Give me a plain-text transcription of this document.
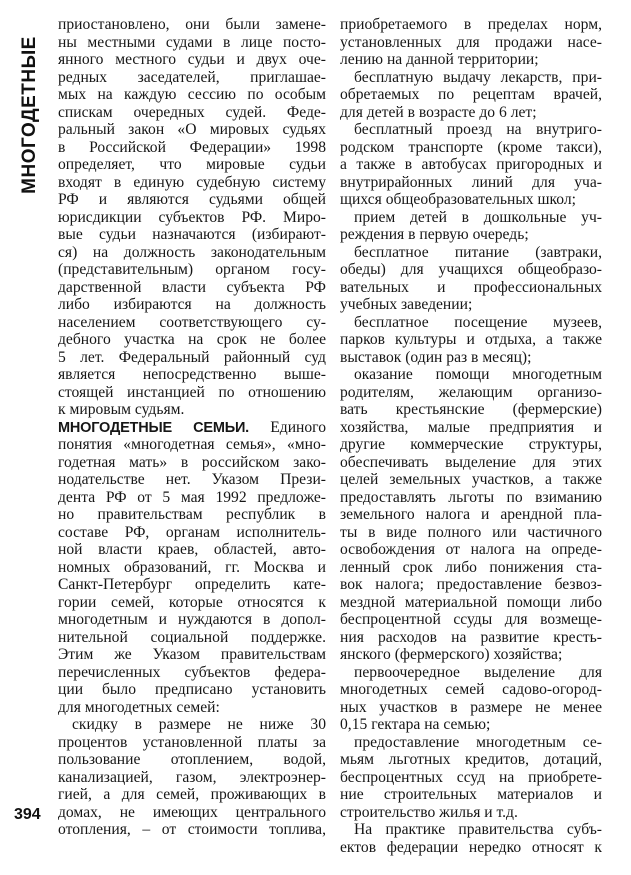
МНОГОДЕТНЫЕ
приостановлено, они были замене-
ны местными судами в лице посто-
янного местного судьи и двух оче-
редных заседателей, приглашае-
мых на каждую сессию по особым
спискам очередных судей. Феде-
ральный закон «О мировых судьях
в Российской Федерации» 1998
определяет, что мировые судьи
входят в единую судебную систему
РФ и являются судьями общей
юрисдикции субъектов РФ. Миро-
вые судьи назначаются (избирают-
ся) на должность законодательным
(представительным) органом госу-
дарственной власти субъекта РФ
либо избираются на должность
населением соответствующего су-
дебного участка на срок не более
5 лет. Федеральный районный суд
является непосредственно выше-
стоящей инстанцией по отношению
к мировым судьям.
МНОГОДЕТНЫЕ СЕМЬИ. Единого
понятия «многодетная семья», «мно-
годетная мать» в российском зако-
нодательстве нет. Указом Прези-
дента РФ от 5 мая 1992 предложе-
но правительствам республик в
составе РФ, органам исполнитель-
ной власти краев, областей, авто-
номных образований, гг. Москва и
Санкт-Петербург определить кате-
гории семей, которые относятся к
многодетным и нуждаются в допол-
нительной социальной поддержке.
Этим же Указом правительствам
перечисленных субъектов федера-
ции было предписано установить
для многодетных семей:
скидку в размере не ниже 30
процентов установленной платы за
пользование отоплением, водой,
канализацией, газом, электроэнер-
гией, а для семей, проживающих в
домах, не имеющих центрального
отопления, – от стоимости топлива,
приобретаемого в пределах норм,
установленных для продажи насе-
лению на данной территории;
бесплатную выдачу лекарств, при-
обретаемых по рецептам врачей,
для детей в возрасте до 6 лет;
бесплатный проезд на внутригo-
родском транспорте (кроме такси),
а также в автобусах пригородных и
внутрирайонных линий для уча-
щихся общеобразовательных школ;
прием детей в дошкольные уч-
реждения в первую очередь;
бесплатное питание (завтраки,
обеды) для учащихся общеобразо-
вательных и профессиональных
учебных заведении;
бесплатное посещение музеев,
парков культуры и отдыха, а также
выставок (один раз в месяц);
оказание помощи многодетным
родителям, желающим организо-
вать крестьянские (фермерские)
хозяйства, малые предприятия и
другие коммерческие структуры,
обеспечивать выделение для этих
целей земельных участков, а также
предоставлять льготы по взиманию
земельного налога и арендной пла-
ты в виде полного или частичного
освобождения от налога на опреде-
ленный срок либо понижения ста-
вок налога; предоставление безвоз-
мездной материальной помощи либо
беспроцентной ссуды для возмеще-
ния расходов на развитие кресть-
янского (фермерского) хозяйства;
первоочередное выделение для
многодетных семей садово-огород-
ных участков в размере не менее
0,15 гектара на семью;
предоставление многодетным се-
мьям льготных кредитов, дотаций,
беспроцентных ссуд на приобрете-
ние строительных материалов и
строительство жилья и т.д.
На практике правительства субъ-
ектов федерации нередко относят к
394
